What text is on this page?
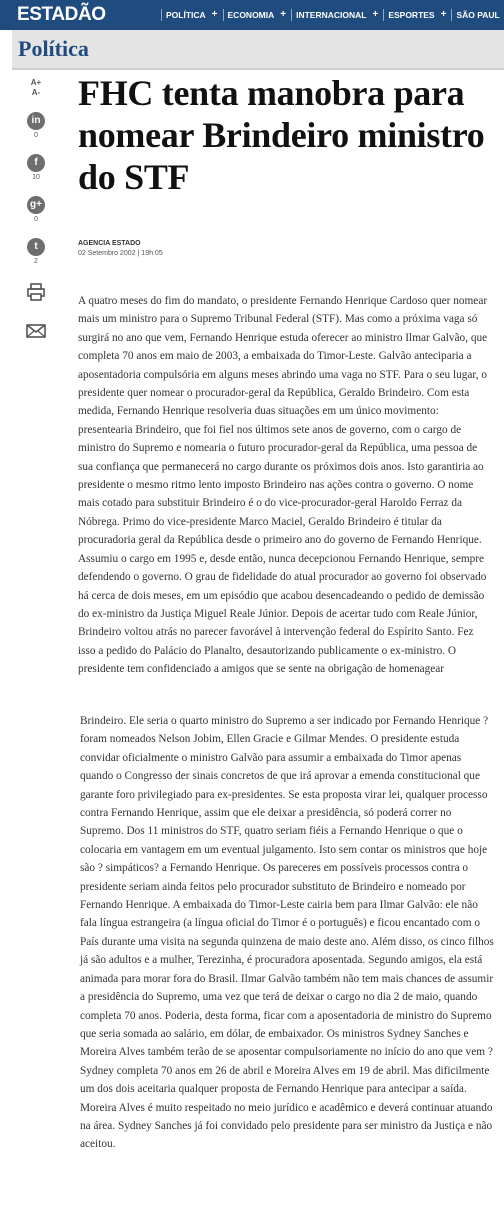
ESTADÃO	POLÍTICA + ECONOMIA + INTERNACIONAL + ESPORTES + SÃO PAUL
Política
A+
A-
in
0
f
10
g+
0
t
2
FHC tenta manobra para nomear Brindeiro ministro do STF
AGENCIA ESTADO
02 Setembro 2002 | 19h 05

A quatro meses do fim do mandato, o presidente Fernando Henrique Cardoso quer nomear mais um ministro para o Supremo Tribunal Federal (STF). Mas como a próxima vaga só surgirá no ano que vem, Fernando Henrique estuda oferecer ao ministro Ilmar Galvão, que completa 70 anos em maio de 2003, a embaixada do Timor-Leste. Galvão anteciparia a aposentadoria compulsória em alguns meses abrindo uma vaga no STF. Para o seu lugar, o presidente quer nomear o procurador-geral da República, Geraldo Brindeiro. Com esta medida, Fernando Henrique resolveria duas situações em um único movimento: presentearia Brindeiro, que foi fiel nos últimos sete anos de governo, com o cargo de ministro do Supremo e nomearia o futuro procurador-geral da República, uma pessoa de sua confiança que permanecerá no cargo durante os próximos dois anos. Isto garantiria ao presidente o mesmo ritmo lento imposto Brindeiro nas ações contra o governo. O nome mais cotado para substituir Brindeiro é o do vice-procurador-geral Haroldo Ferraz da Nóbrega. Primo do vice-presidente Marco Maciel, Geraldo Brindeiro é titular da procuradoria geral da República desde o primeiro ano do governo de Fernando Henrique. Assumiu o cargo em 1995 e, desde então, nunca decepcionou Fernando Henrique, sempre defendendo o governo. O grau de fidelidade do atual procurador ao governo foi observado há cerca de dois meses, em um episódio que acabou desencadeando o pedido de demissão do ex-ministro da Justiça Miguel Reale Júnior. Depois de acertar tudo com Reale Júnior, Brindeiro voltou atrás no parecer favorável à intervenção federal do Espírito Santo. Fez isso a pedido do Palácio do Planalto, desautorizando publicamente o ex-ministro. O presidente tem confidenciado a amigos que se sente na obrigação de homenagear

Brindeiro. Ele seria o quarto ministro do Supremo a ser indicado por Fernando Henrique ? foram nomeados Nelson Jobim, Ellen Gracie e Gilmar Mendes. O presidente estuda convidar oficialmente o ministro Galvão para assumir a embaixada do Timor apenas quando o Congresso der sinais concretos de que irá aprovar a emenda constitucional que garante foro privilegiado para ex-presidentes. Se esta proposta virar lei, qualquer processo contra Fernando Henrique, assim que ele deixar a presidência, só poderá correr no Supremo. Dos 11 ministros do STF, quatro seriam fiéis a Fernando Henrique o que o colocaria em vantagem em um eventual julgamento. Isto sem contar os ministros que hoje são ? simpáticos? a Fernando Henrique. Os pareceres em possíveis processos contra o presidente seriam ainda feitos pelo procurador substituto de Brindeiro e nomeado por Fernando Henrique. A embaixada do Timor-Leste cairia bem para Ilmar Galvão: ele não fala língua estrangeira (a língua oficial do Timor é o português) e ficou encantado com o País durante uma visita na segunda quinzena de maio deste ano. Além disso, os cinco filhos já são adultos e a mulher, Terezinha, é procuradora aposentada. Segundo amigos, ela está animada para morar fora do Brasil. Ilmar Galvão também não tem mais chances de assumir a presidência do Supremo, uma vez que terá de deixar o cargo no dia 2 de maio, quando completa 70 anos. Poderia, desta forma, ficar com a aposentadoria de ministro do Supremo que seria somada ao salário, em dólar, de embaixador. Os ministros Sydney Sanches e Moreira Alves também terão de se aposentar compulsoriamente no início do ano que vem ? Sydney completa 70 anos em 26 de abril e Moreira Alves em 19 de abril. Mas dificilmente um dos dois aceitaria qualquer proposta de Fernando Henrique para antecipar a saída. Moreira Alves é muito respeitado no meio jurídico e acadêmico e deverá continuar atuando na área. Sydney Sanches já foi convidado pelo presidente para ser ministro da Justiça e não aceitou.
